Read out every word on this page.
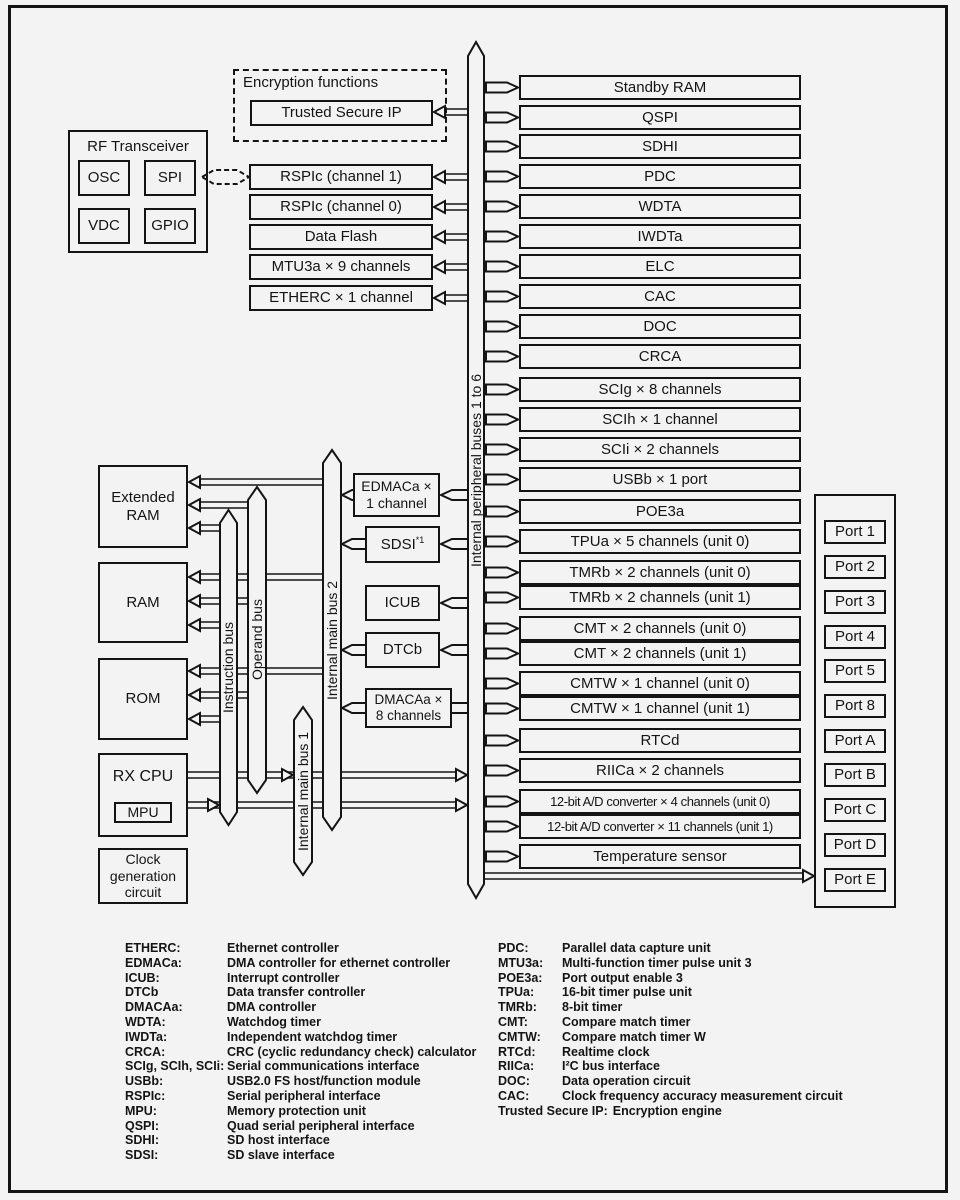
RF Transceiver
OSC	SPI
VDC GPIO
Encryption functions
Trusted Secure IP
RSPIc (channel 1)
RSPIc (channel 0)
Data Flash
MTU3a × 9 channels
ETHERC × 1 channel
Extended
RAM
RAM
ROM
RX CPU
MPU
Clock
generation
circuit
EDMACa ×
1 channel
SDSI$^{*1}$
ICUB
DTCb
DMACAa ×
8 channels
Standby RAM
QSPI
SDHI
PDC
WDTA
IWDTa
ELC
CAC
DOC
CRCA
SCIg × 8 channels
SCIh × 1 channel
SCIi × 2 channels
USBb × 1 port
POE3a
TPUa × 5 channels (unit 0)
TMRb × 2 channels (unit 0)
TMRb × 2 channels (unit 1)
CMT × 2 channels (unit 0)
CMT × 2 channels (unit 1)
CMTW × 1 channel (unit 0)
CMTW × 1 channel (unit 1)
RTCd
RIICa × 2 channels
12-bit A/D converter × 4 channels (unit 0)
12-bit A/D converter × 11 channels (unit 1)
Temperature sensor
Port 1
Port 2
Port 3
Port 4
Port 5
Port 8
Port A
Port B
Port C
Port D
Port E
Instruction bus Operand bus
Internal main bus 1
Internal main bus 2
Internal peripheral buses 1 to 6
ETHERC:	Ethernet controller
EDMACa:	DMA controller for ethernet controller
ICUB:	Interrupt controller
DTCb	Data transfer controller
DMACAa:	DMA controller
WDTA:	Watchdog timer
IWDTa:	Independent watchdog timer
CRCA:	CRC (cyclic redundancy check) calculator
SCIg, SCIh, SCIi: Serial communications interface
USBb:	USB2.0 FS host/function module
RSPIc:	Serial peripheral interface
MPU:	Memory protection unit
QSPI:	Quad serial peripheral interface
SDHI:	SD host interface
SDSI:	SD slave interface
PDC:	Parallel data capture unit
MTU3a:	Multi-function timer pulse unit 3
POE3a:	Port output enable 3
TPUa:	16-bit timer pulse unit
TMRb:	8-bit timer
CMT:	Compare match timer
CMTW:	Compare match timer W
RTCd:	Realtime clock
RIICa:	I²C bus interface
DOC:	Data operation circuit
CAC:	Clock frequency accuracy measurement circuit
Trusted Secure IP: Encryption engine
